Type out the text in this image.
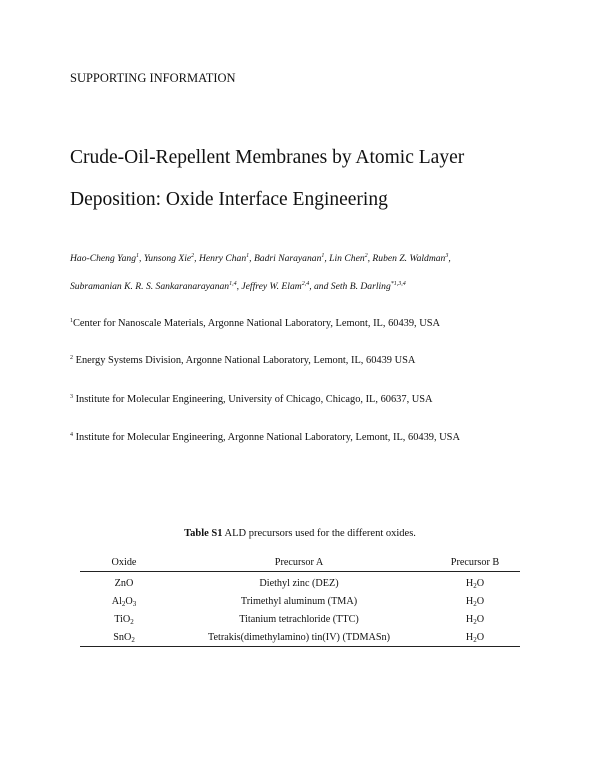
SUPPORTING INFORMATION
Crude-Oil-Repellent Membranes by Atomic Layer
Deposition: Oxide Interface Engineering
Hao-Cheng Yang$^1$, Yunsong Xie$^2$, Henry Chan$^1$, Badri Narayanan$^1$, Lin Chen$^2$, Ruben Z. Waldman$^3$,
Subramanian K. R. S. Sankaranarayanan$^{1,4}$, Jeffrey W. Elam$^{2,4}$, and Seth B. Darling$^{*1,3,4}$
$^1$Center for Nanoscale Materials, Argonne National Laboratory, Lemont, IL, 60439, USA
$^2$ Energy Systems Division, Argonne National Laboratory, Lemont, IL, 60439 USA
$^3$ Institute for Molecular Engineering, University of Chicago, Chicago, IL, 60637, USA
$^4$ Institute for Molecular Engineering, Argonne National Laboratory, Lemont, IL, 60439, USA
Table S1 ALD precursors used for the different oxides.
Oxide	Precursor A	Precursor B
ZnO	Diethyl zinc (DEZ)	$H_2O$
$Al_2O_3$	Trimethyl aluminum (TMA)	$H_2O$
TiO$_2$	Titanium tetrachloride (TTC)	$H_2O$
SnO$_2$	Tetrakis(dimethylamino) tin(IV) (TDMASn)	$H_2O$
